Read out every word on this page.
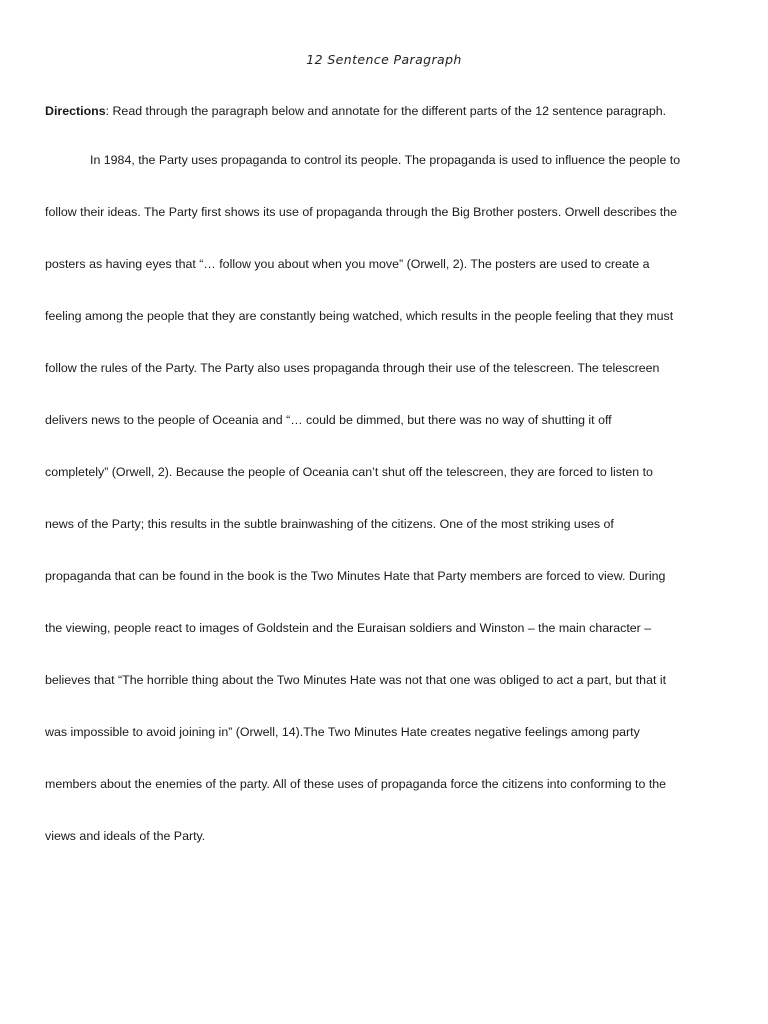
12 Sentence Paragraph
Directions: Read through the paragraph below and annotate for the different parts of the 12 sentence paragraph.
In 1984, the Party uses propaganda to control its people. The propaganda is used to influence the people to
follow their ideas. The Party first shows its use of propaganda through the Big Brother posters. Orwell describes the
posters as having eyes that “… follow you about when you move” (Orwell, 2). The posters are used to create a
feeling among the people that they are constantly being watched, which results in the people feeling that they must
follow the rules of the Party. The Party also uses propaganda through their use of the telescreen. The telescreen
delivers news to the people of Oceania and “… could be dimmed, but there was no way of shutting it off
completely” (Orwell, 2). Because the people of Oceania can’t shut off the telescreen, they are forced to listen to
news of the Party; this results in the subtle brainwashing of the citizens. One of the most striking uses of
propaganda that can be found in the book is the Two Minutes Hate that Party members are forced to view. During
the viewing, people react to images of Goldstein and the Euraisan soldiers and Winston – the main character –
believes that “The horrible thing about the Two Minutes Hate was not that one was obliged to act a part, but that it
was impossible to avoid joining in” (Orwell, 14).The Two Minutes Hate creates negative feelings among party
members about the enemies of the party. All of these uses of propaganda force the citizens into conforming to the
views and ideals of the Party.
